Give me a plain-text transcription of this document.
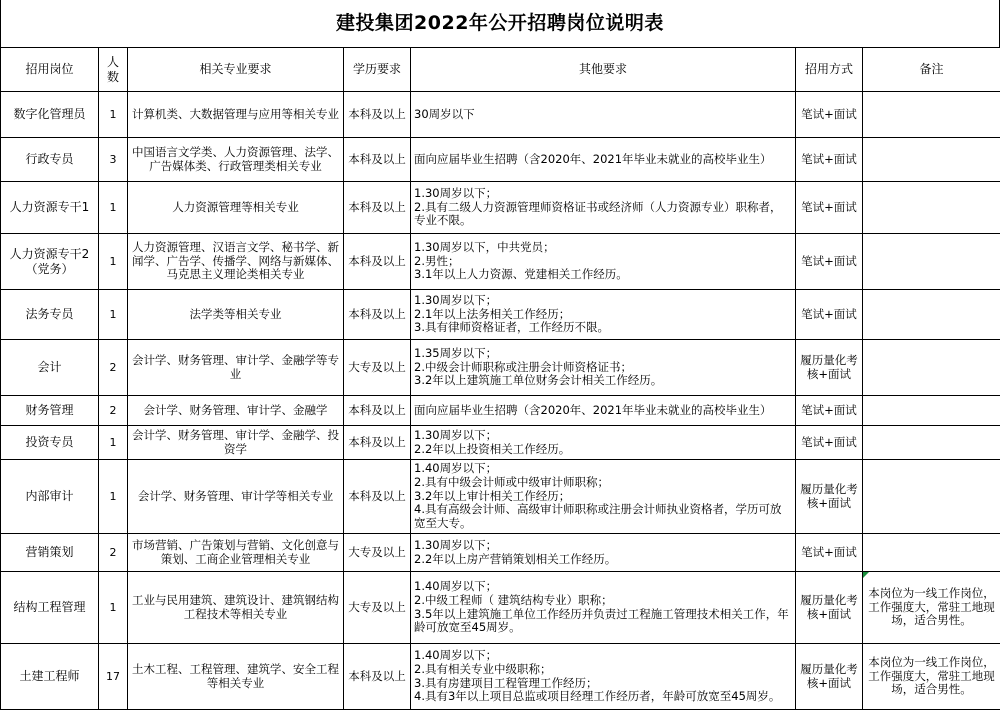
建投集团2022年公开招聘岗位说明表
招用岗位	人数	相关专业要求	学历要求	其他要求	招用方式	备注
数字化管理员	1	计算机类、大数据管理与应用等相关专业	本科及以上	30周岁以下	笔试+面试	
行政专员	3	中国语言文学类、人力资源管理、法学、广告媒体类、行政管理类相关专业	本科及以上	面向应届毕业生招聘（含2020年、2021年毕业未就业的高校毕业生）	笔试+面试	
人力资源专干1	1	人力资源管理等相关专业	本科及以上	1.30周岁以下；
2.具有二级人力资源管理师资格证书或经济师（人力资源专业）职称者，专业不限。	笔试+面试	
人力资源专干2（党务）	1	人力资源管理、汉语言文学、秘书学、新闻学、广告学、传播学、网络与新媒体、马克思主义理论类相关专业	本科及以上	1.30周岁以下，中共党员；
2.男性；
3.1年以上人力资源、党建相关工作经历。	笔试+面试	
法务专员	1	法学类等相关专业	本科及以上	1.30周岁以下；
2.1年以上法务相关工作经历；
3.具有律师资格证者，工作经历不限。	笔试+面试	
会计	2	会计学、财务管理、审计学、金融学等专业	大专及以上	1.35周岁以下；
2.中级会计师职称或注册会计师资格证书；
3.2年以上建筑施工单位财务会计相关工作经历。	履历量化考核+面试	
财务管理	2	会计学、财务管理、审计学、金融学	本科及以上	面向应届毕业生招聘（含2020年、2021年毕业未就业的高校毕业生）	笔试+面试	
投资专员	1	会计学、财务管理、审计学、金融学、投资学	本科及以上	1.30周岁以下；
2.2年以上投资相关工作经历。	笔试+面试	
内部审计	1	会计学、财务管理、审计学等相关专业	本科及以上	1.40周岁以下；
2.具有中级会计师或中级审计师职称；
3.2年以上审计相关工作经历；
4.具有高级会计师、高级审计师职称或注册会计师执业资格者，学历可放宽至大专。	履历量化考核+面试	
营销策划	2	市场营销、广告策划与营销、文化创意与策划、工商企业管理相关专业	大专及以上	1.30周岁以下；
2.2年以上房产营销策划相关工作经历。	笔试+面试	
结构工程管理	1	工业与民用建筑、建筑设计、建筑钢结构工程技术等相关专业	大专及以上	1.40周岁以下；
2.中级工程师（ 建筑结构专业）职称；
3.5年以上建筑施工单位工作经历并负责过工程施工管理技术相关工作，年龄可放宽至45周岁。	履历量化考核+面试	本岗位为一线工作岗位，工作强度大，常驻工地现场，适合男性。

土建工程师	17	土木工程、工程管理、建筑学、安全工程等相关专业	本科及以上	1.40周岁以下；
2.具有相关专业中级职称；
3.具有房建项目工程管理工作经历；
4.具有3年以上项目总监或项目经理工作经历者，年龄可放宽至45周岁。	履历量化考核+面试	本岗位为一线工作岗位，工作强度大，常驻工地现场，适合男性。
